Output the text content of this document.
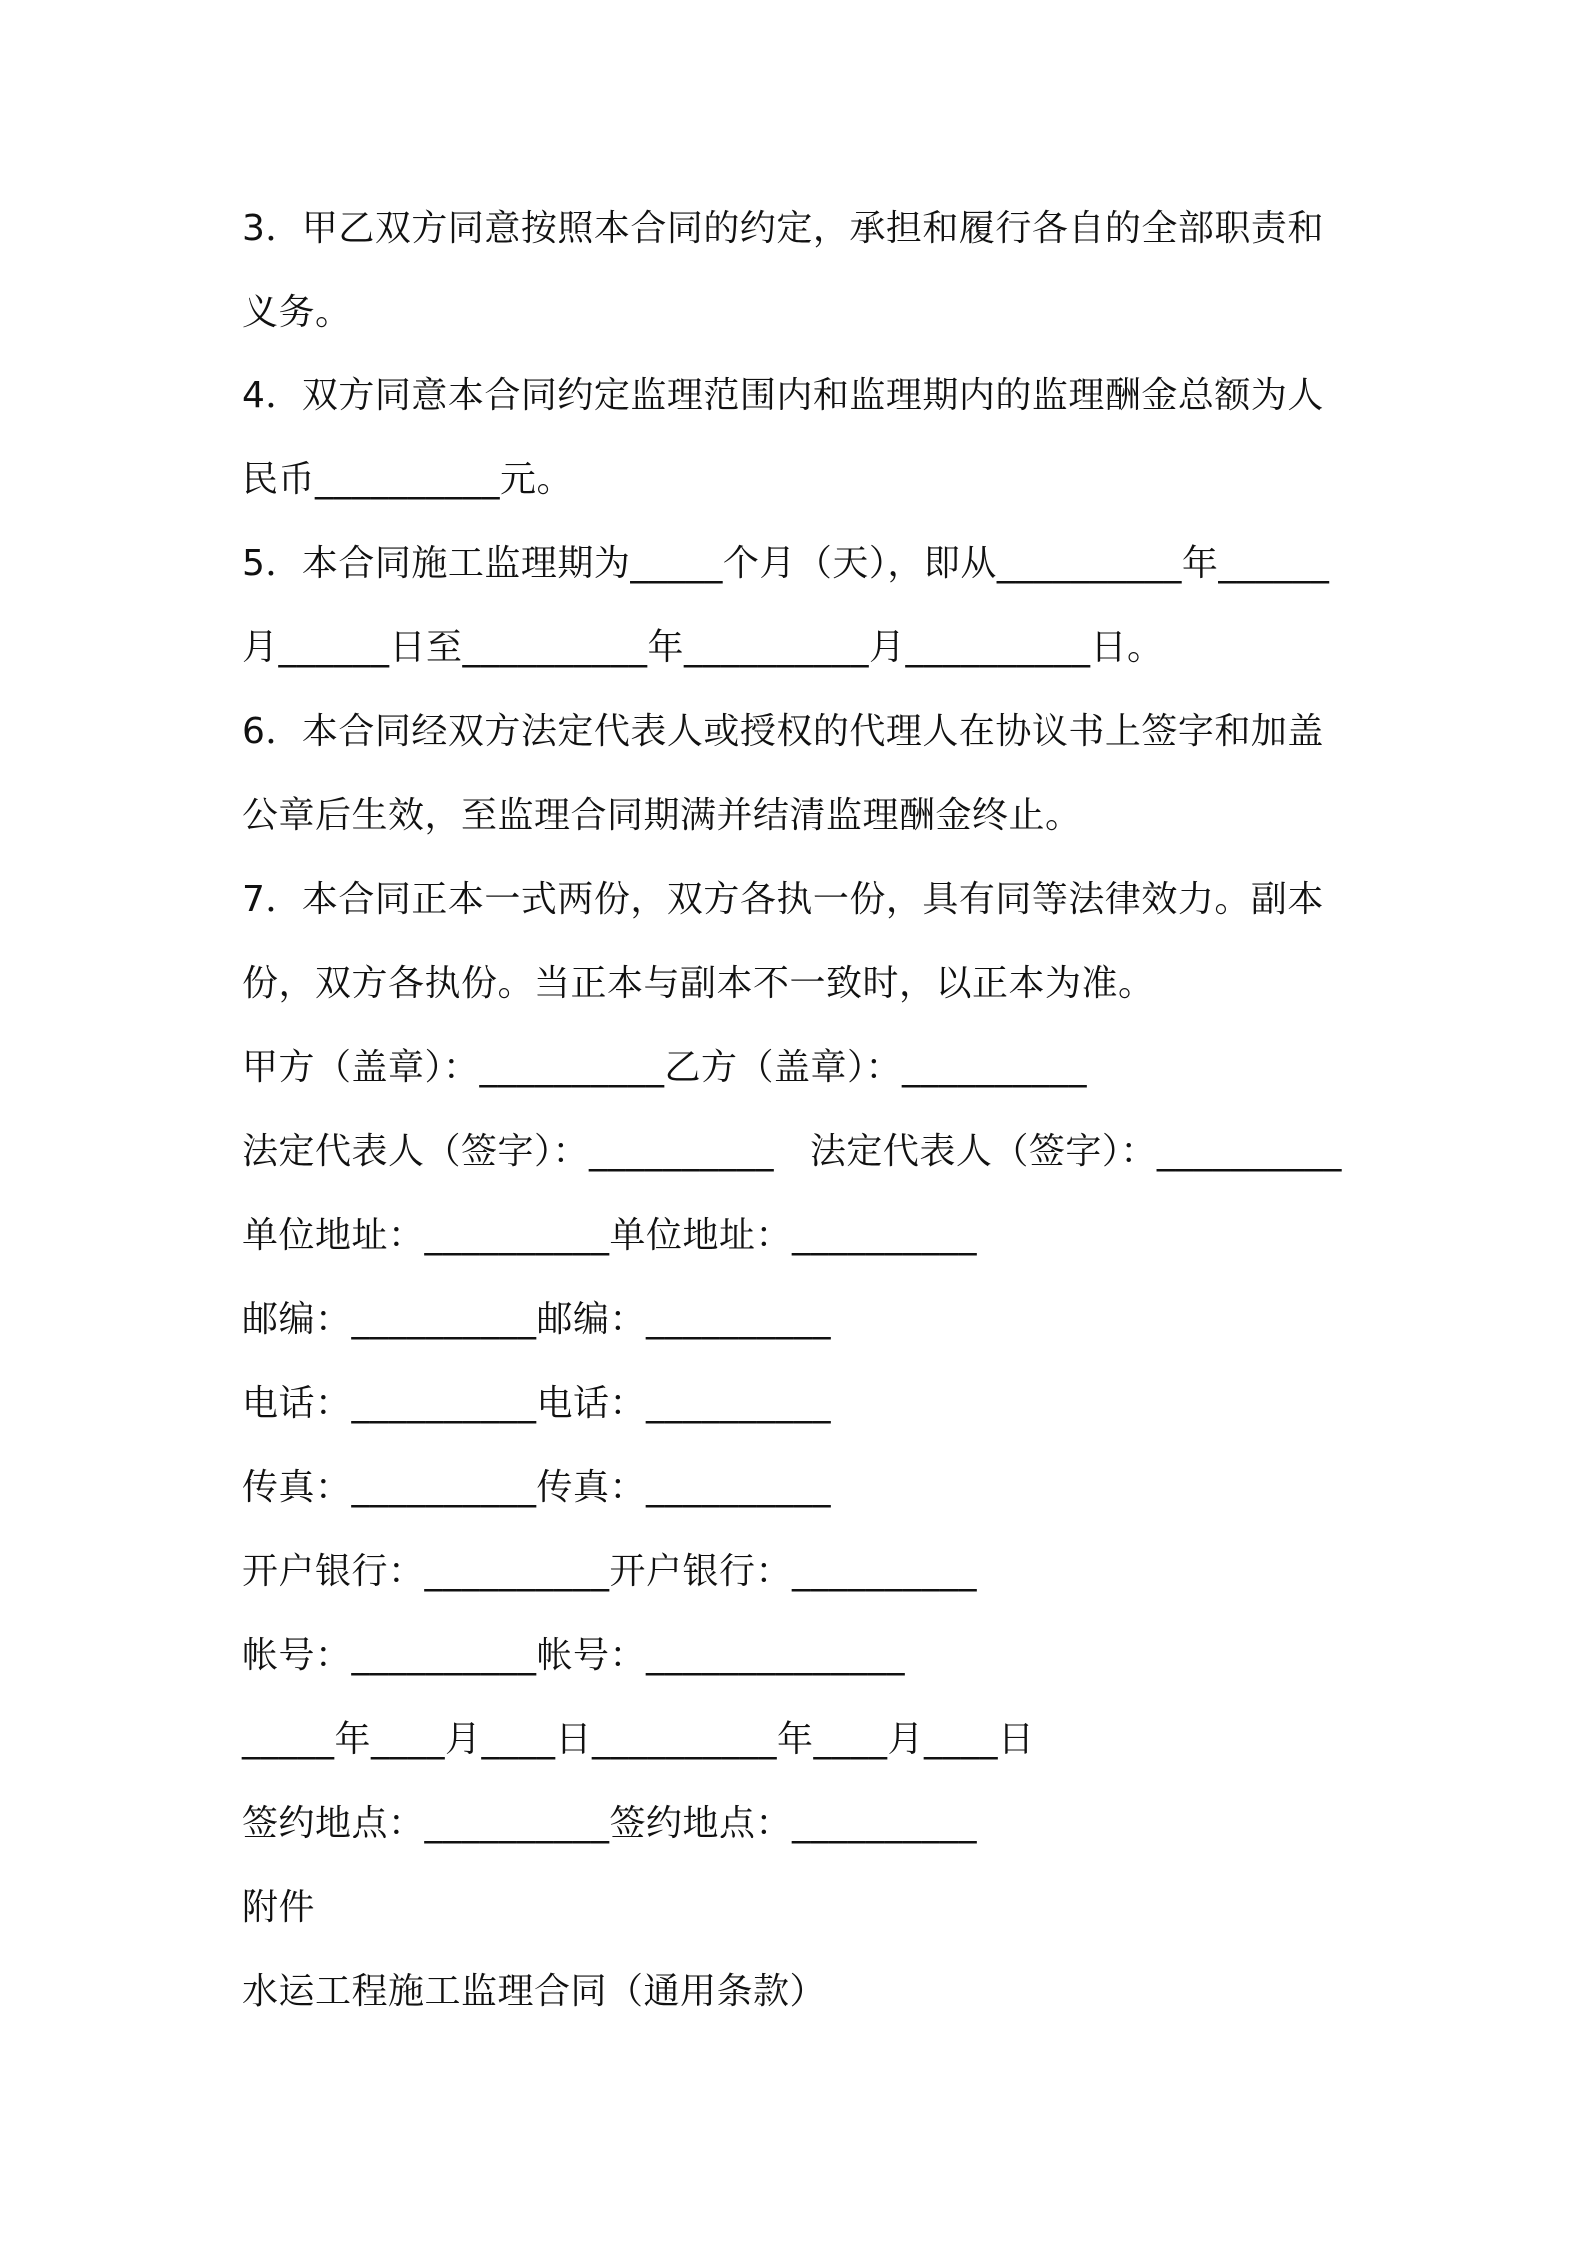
3．甲乙双方同意按照本合同的约定，承担和履行各自的全部职责和
义务。
4．双方同意本合同约定监理范围内和监理期内的监理酬金总额为人
民币__________元。
5．本合同施工监理期为_____个月（天），即从__________年______
月______日至__________年__________月__________日。
6．本合同经双方法定代表人或授权的代理人在协议书上签字和加盖
公章后生效，至监理合同期满并结清监理酬金终止。
7．本合同正本一式两份，双方各执一份，具有同等法律效力。副本
份，双方各执份。当正本与副本不一致时，以正本为准。
甲方（盖章）：__________乙方（盖章）：__________
法定代表人（签字）：__________   法定代表人（签字）：__________
单位地址：__________单位地址：__________
邮编：__________邮编：__________
电话：__________电话：__________
传真：__________传真：__________
开户银行：__________开户银行：__________
帐号：__________帐号：______________
_____年____月____日__________年____月____日
签约地点：__________签约地点：__________
附件
水运工程施工监理合同（通用条款）
